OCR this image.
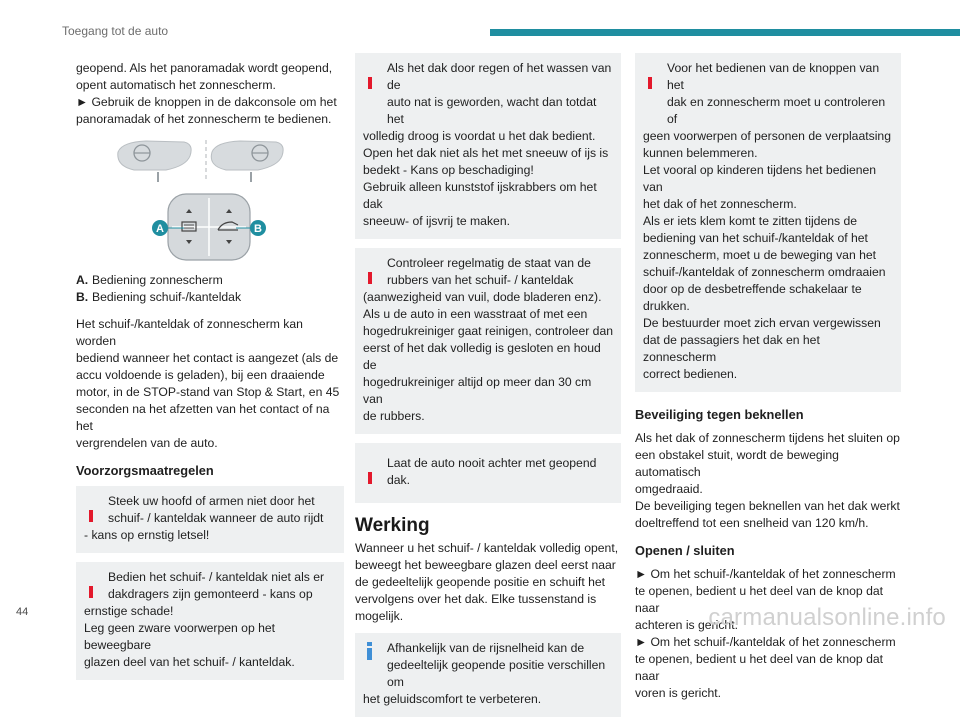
Toegang tot de auto

geopend. Als het panoramadak wordt geopend,
opent automatisch het zonnescherm.
► Gebruik de knoppen in de dakconsole om het
panoramadak of het zonnescherm te bedienen.

A	B
A. Bediening zonnescherm
B. Bediening schuif-/kanteldak

Het schuif-/kanteldak of zonnescherm kan worden
bediend wanneer het contact is aangezet (als de
accu voldoende is geladen), bij een draaiende
motor, in de STOP-stand van Stop & Start, en 45
seconden na het afzetten van het contact of na het
vergrendelen van de auto.

Voorzorgsmaatregelen
Steek uw hoofd of armen niet door het
schuif- / kanteldak wanneer de auto rijdt
- kans op ernstig letsel!
Bedien het schuif- / kanteldak niet als er
dakdragers zijn gemonteerd - kans op
ernstige schade!
Leg geen zware voorwerpen op het beweegbare
glazen deel van het schuif- / kanteldak.
Als het dak door regen of het wassen van de
auto nat is geworden, wacht dan totdat het
volledig droog is voordat u het dak bedient.
Open het dak niet als het met sneeuw of ijs is
bedekt - Kans op beschadiging!
Gebruik alleen kunststof ijskrabbers om het dak
sneeuw- of ijsvrij te maken.
Controleer regelmatig de staat van de
rubbers van het schuif- / kanteldak
(aanwezigheid van vuil, dode bladeren enz).
Als u de auto in een wasstraat of met een
hogedrukreiniger gaat reinigen, controleer dan
eerst of het dak volledig is gesloten en houd de
hogedrukreiniger altijd op meer dan 30 cm van
de rubbers.
Laat de auto nooit achter met geopend dak.
Werking

Wanneer u het schuif- / kanteldak volledig opent,
beweegt het beweegbare glazen deel eerst naar
de gedeeltelijk geopende positie en schuift het
vervolgens over het dak. Elke tussenstand is
mogelijk.

Afhankelijk van de rijsnelheid kan de
gedeeltelijk geopende positie verschillen om
het geluidscomfort te verbeteren.
Voor het bedienen van de knoppen van het
dak en zonnescherm moet u controleren of
geen voorwerpen of personen de verplaatsing
kunnen belemmeren.
Let vooral op kinderen tijdens het bedienen van
het dak of het zonnescherm.
Als er iets klem komt te zitten tijdens de
bediening van het schuif-/kanteldak of het
zonnescherm, moet u de beweging van het
schuif-/kanteldak of zonnescherm omdraaien
door op de desbetreffende schakelaar te
drukken.
De bestuurder moet zich ervan vergewissen
dat de passagiers het dak en het zonnescherm
correct bedienen.
Beveiliging tegen beknellen

Als het dak of zonnescherm tijdens het sluiten op
een obstakel stuit, wordt de beweging automatisch
omgedraaid.
De beveiliging tegen beknellen van het dak werkt
doeltreffend tot een snelheid van 120 km/h.

Openen / sluiten

► Om het schuif-/kanteldak of het zonnescherm
te openen, bedient u het deel van de knop dat naar
achteren is gericht.
► Om het schuif-/kanteldak of het zonnescherm
te openen, bedient u het deel van de knop dat naar
voren is gericht.

44	carmanualsonline.info
